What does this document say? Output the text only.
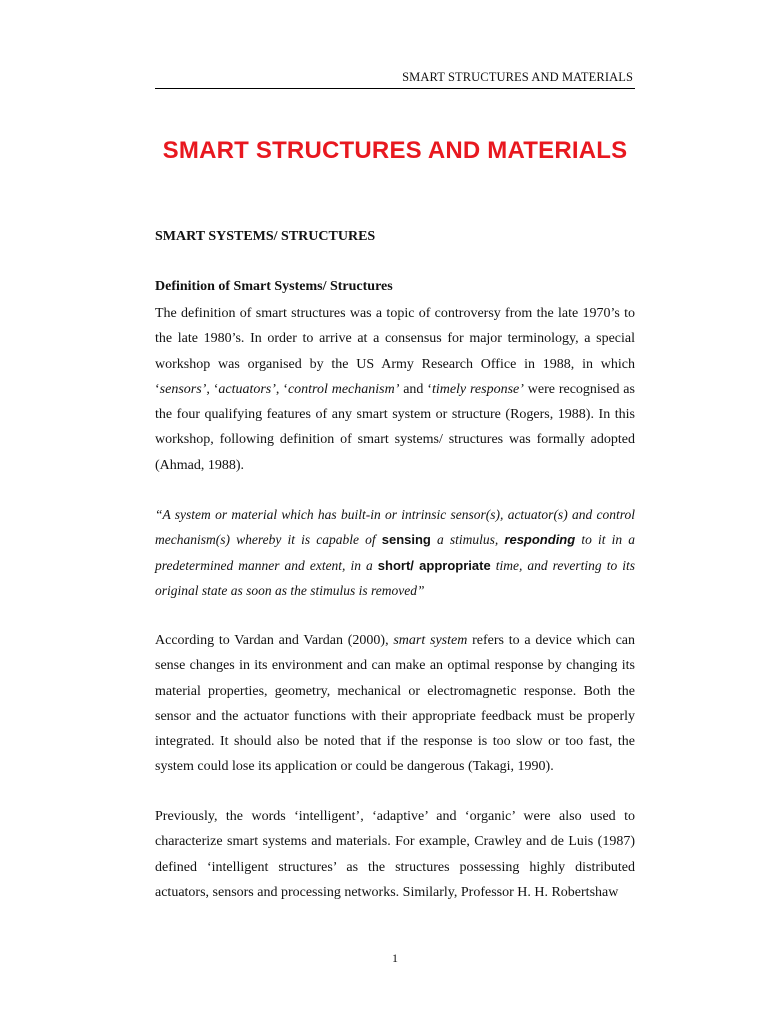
SMART STRUCTURES AND MATERIALS
SMART STRUCTURES AND MATERIALS
SMART SYSTEMS/ STRUCTURES
Definition of Smart Systems/ Structures

The definition of smart structures was a topic of controversy from the late 1970’s to the late 1980’s. In order to arrive at a consensus for major terminology, a special workshop was organised by the US Army Research Office in 1988, in which ‘sensors’, ‘actuators’, ‘control mechanism’ and ‘timely response’ were recognised as the four qualifying features of any smart system or structure (Rogers, 1988). In this workshop, following definition of smart systems/ structures was formally adopted (Ahmad, 1988).

“A system or material which has built-in or intrinsic sensor(s), actuator(s) and control mechanism(s) whereby it is capable of sensing a stimulus, responding to it in a predetermined manner and extent, in a short/ appropriate time, and reverting to its original state as soon as the stimulus is removed”

According to Vardan and Vardan (2000), smart system refers to a device which can sense changes in its environment and can make an optimal response by changing its material properties, geometry, mechanical or electromagnetic response. Both the sensor and the actuator functions with their appropriate feedback must be properly integrated. It should also be noted that if the response is too slow or too fast, the system could lose its application or could be dangerous (Takagi, 1990).

Previously, the words ‘intelligent’, ‘adaptive’ and ‘organic’ were also used to characterize smart systems and materials. For example, Crawley and de Luis (1987) defined ‘intelligent structures’ as the structures possessing highly distributed actuators, sensors and processing networks. Similarly, Professor H. H. Robertshaw

1
